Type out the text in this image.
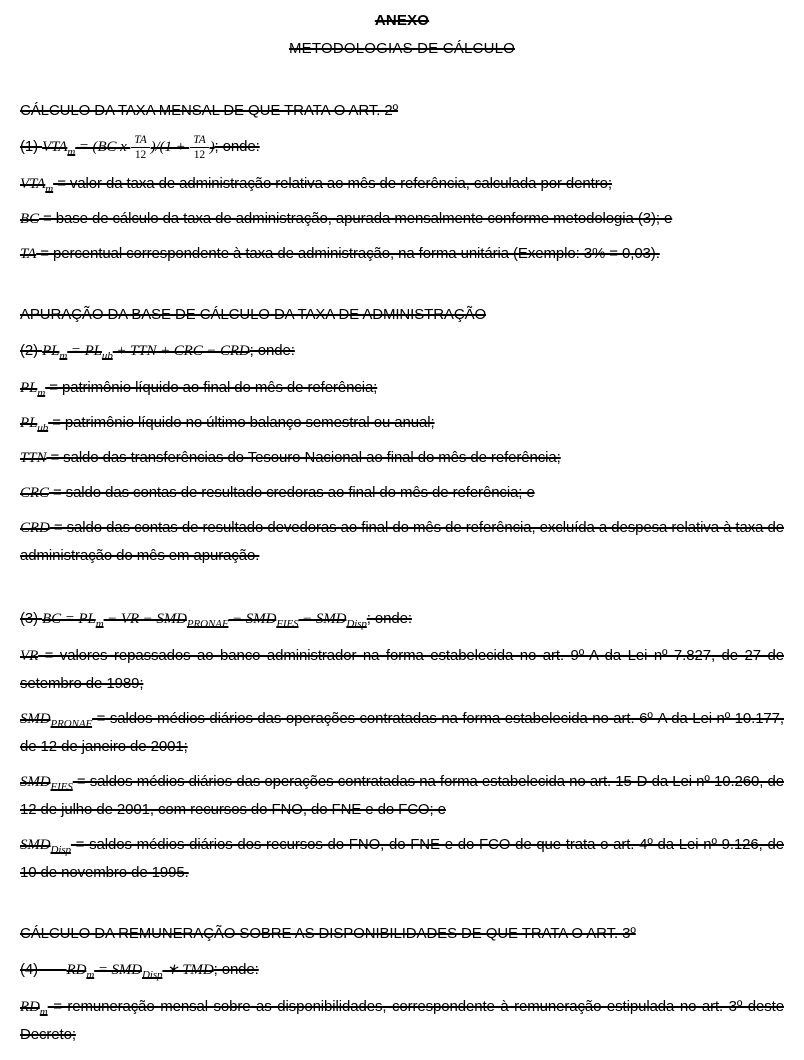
ANEXO
METODOLOGIAS DE CÁLCULO
CÁLCULO DA TAXA MENSAL DE QUE TRATA O ART. 2º
(1) $VTA_m = (BC$ x $\frac{TA}{12} )/(1 + \frac{TA}{12}$ ); onde:
$VTA_m$ = valor da taxa de administração relativa ao mês de referência, calculada por dentro;
BC = base de cálculo da taxa de administração, apurada mensalmente conforme metodologia (3); e
TA = percentual correspondente à taxa de administração, na forma unitária (Exemplo: 3% = 0,03).
APURAÇÃO DA BASE DE CÁLCULO DA TAXA DE ADMINISTRAÇÃO
(2) $PL_m = PL_{ub}$ + TTN + CRC − CRD; onde:
$PL_m$ = patrimônio líquido ao final do mês de referência;
$PL_{ub}$ = patrimônio líquido no último balanço semestral ou anual;
TTN = saldo das transferências do Tesouro Nacional ao final do mês de referência;
CRC = saldo das contas de resultado credoras ao final do mês de referência; e
CRD = saldo das contas de resultado devedoras ao final do mês de referência, excluída a despesa relativa à taxa de administração do mês em apuração.
(3) BC = $PL_m$ − VR − $SMD_{PRONAF} - SMD_{FIES} - SMD_{Disp}$; onde:
VR = valores repassados ao banco administrador na forma estabelecida no art. 9º-A da Lei nº 7.827, de 27 de setembro de 1989;
$SMD_{PRONAF}$ = saldos médios diários das operações contratadas na forma estabelecida no art. 6º-A da Lei nº 10.177, de 12 de janeiro de 2001;
$SMD_{FIES}$ = saldos médios diários das operações contratadas na forma estabelecida no art. 15-D da Lei nº 10.260, de 12 de julho de 2001, com recursos do FNO, do FNE e do FCO; e
$SMD_{Disp}$ = saldos médios diários dos recursos do FNO, do FNE e do FCO de que trata o art. 4º da Lei nº 9.126, de 10 de novembro de 1995.
CÁLCULO DA REMUNERAÇÃO SOBRE AS DISPONIBILIDADES DE QUE TRATA O ART. 3º
(4)       $RD_m = SMD_{Disp}$ ∗ TMD; onde:
$RD_m$ = remuneração mensal sobre as disponibilidades, correspondente à remuneração estipulada no art. 3º deste Decreto;
